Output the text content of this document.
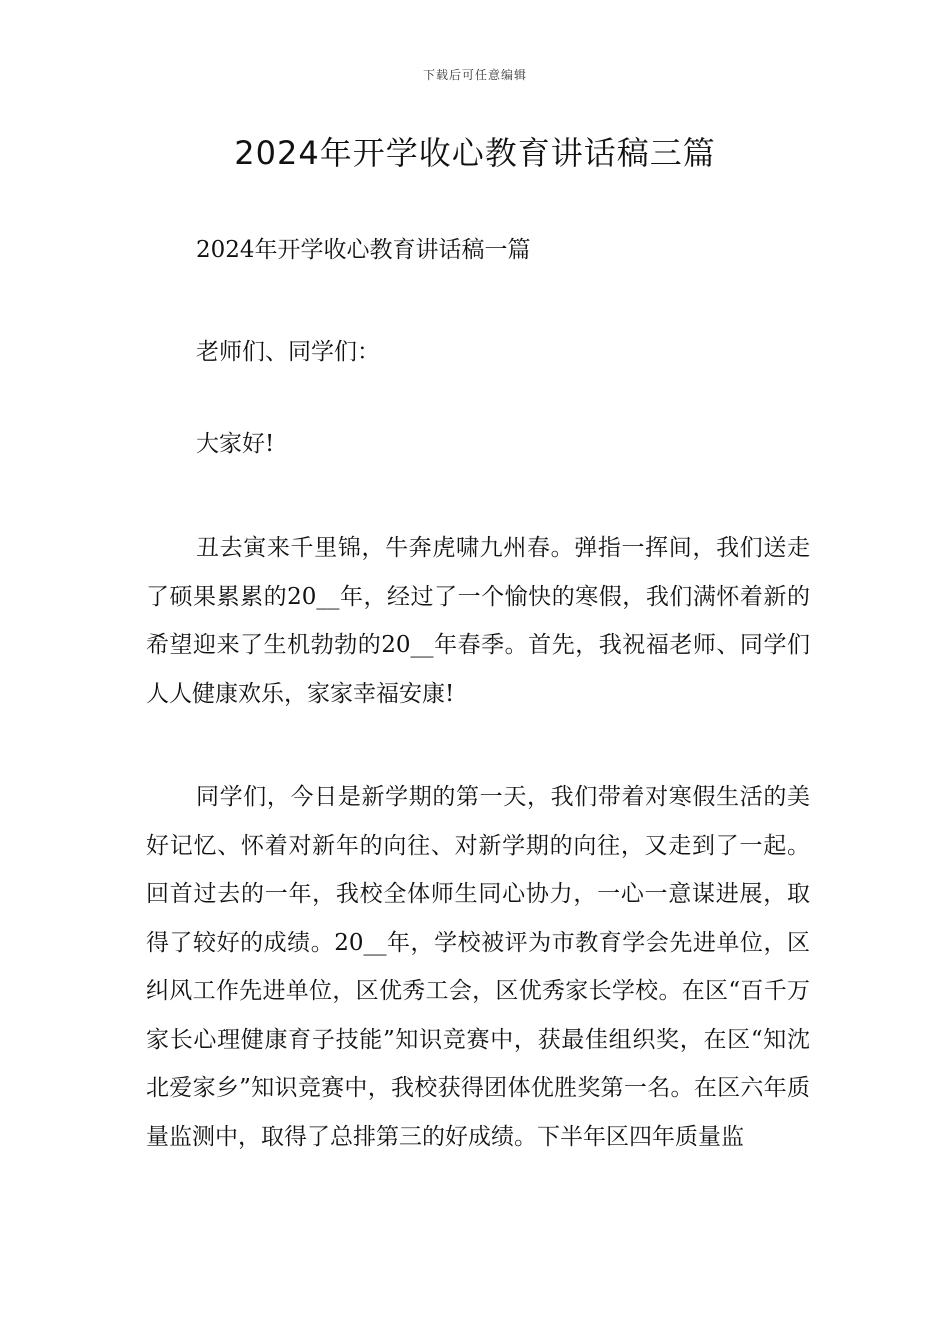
下载后可任意编辑
2024年开学收心教育讲话稿三篇

2024年开学收心教育讲话稿一篇

老师们、同学们：

大家好!

丑去寅来千里锦，牛奔虎啸九州春。弹指一挥间，我们送走了硕果累累的20__年，经过了一个愉快的寒假，我们满怀着新的希望迎来了生机勃勃的20__年春季。首先，我祝福老师、同学们人人健康欢乐，家家幸福安康!

同学们，今日是新学期的第一天，我们带着对寒假生活的美好记忆、怀着对新年的向往、对新学期的向往，又走到了一起。回首过去的一年，我校全体师生同心协力，一心一意谋进展，取得了较好的成绩。20__年，学校被评为市教育学会先进单位，区纠风工作先进单位，区优秀工会，区优秀家长学校。在区“百千万家长心理健康育子技能”知识竞赛中，获最佳组织奖，在区“知沈北爱家乡”知识竞赛中，我校获得团体优胜奖第一名。在区六年质量监测中，取得了总排第三的好成绩。下半年区四年质量监
